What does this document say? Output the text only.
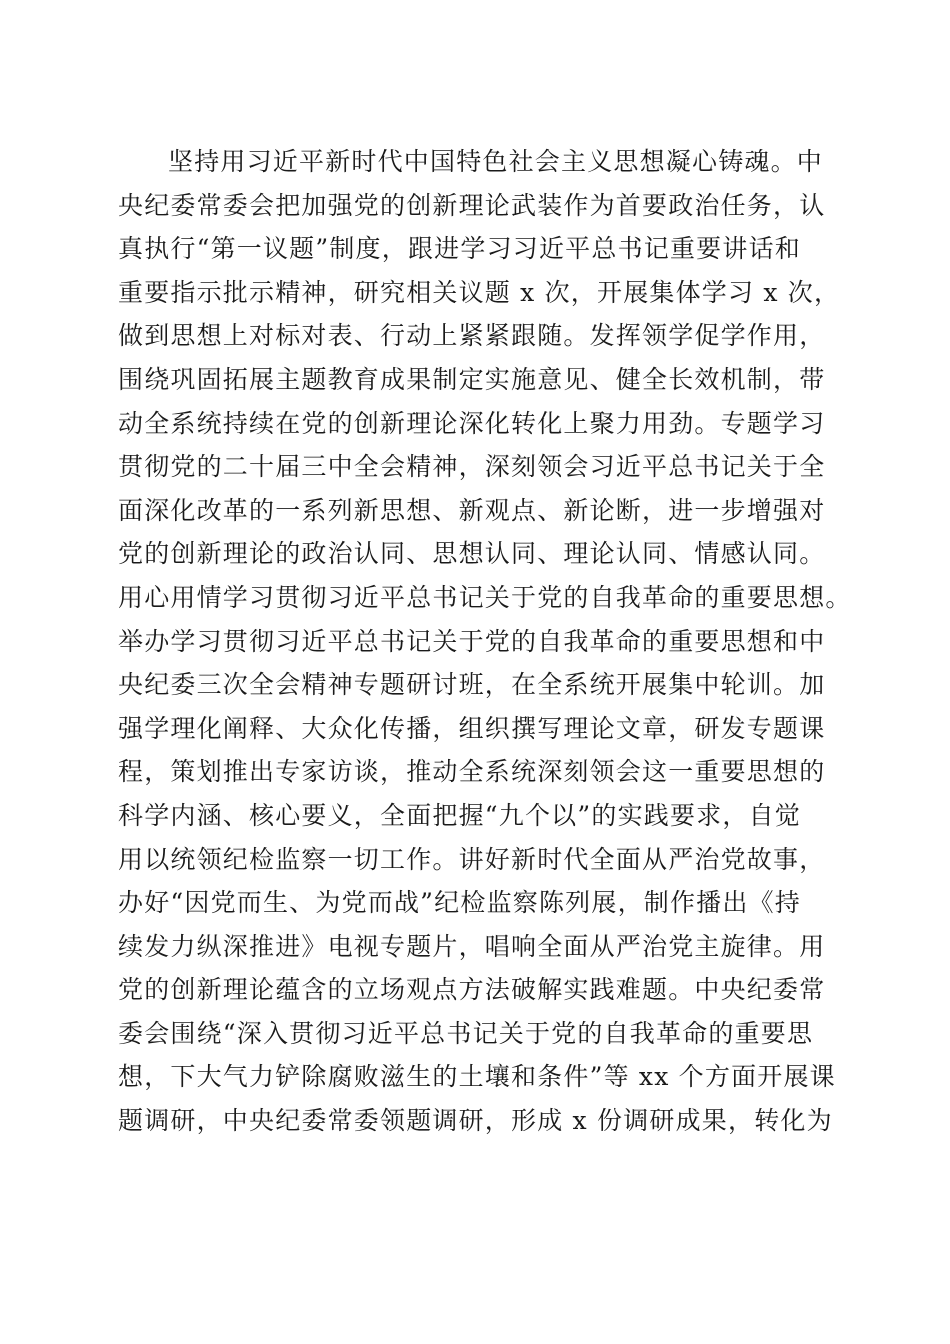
坚持用习近平新时代中国特色社会主义思想凝心铸魂。中
央纪委常委会把加强党的创新理论武装作为首要政治任务，认
真执行“第一议题”制度，跟进学习习近平总书记重要讲话和
重要指示批示精神，研究相关议题 x 次，开展集体学习 x 次，
做到思想上对标对表、行动上紧紧跟随。发挥领学促学作用，
围绕巩固拓展主题教育成果制定实施意见、健全长效机制，带
动全系统持续在党的创新理论深化转化上聚力用劲。专题学习
贯彻党的二十届三中全会精神，深刻领会习近平总书记关于全
面深化改革的一系列新思想、新观点、新论断，进一步增强对
党的创新理论的政治认同、思想认同、理论认同、情感认同。
用心用情学习贯彻习近平总书记关于党的自我革命的重要思想。
举办学习贯彻习近平总书记关于党的自我革命的重要思想和中
央纪委三次全会精神专题研讨班，在全系统开展集中轮训。加
强学理化阐释、大众化传播，组织撰写理论文章，研发专题课
程，策划推出专家访谈，推动全系统深刻领会这一重要思想的
科学内涵、核心要义，全面把握“九个以”的实践要求，自觉
用以统领纪检监察一切工作。讲好新时代全面从严治党故事，
办好“因党而生、为党而战”纪检监察陈列展，制作播出《持
续发力纵深推进》电视专题片，唱响全面从严治党主旋律。用
党的创新理论蕴含的立场观点方法破解实践难题。中央纪委常
委会围绕“深入贯彻习近平总书记关于党的自我革命的重要思
想，下大气力铲除腐败滋生的土壤和条件”等 xx 个方面开展课
题调研，中央纪委常委领题调研，形成 x 份调研成果，转化为
